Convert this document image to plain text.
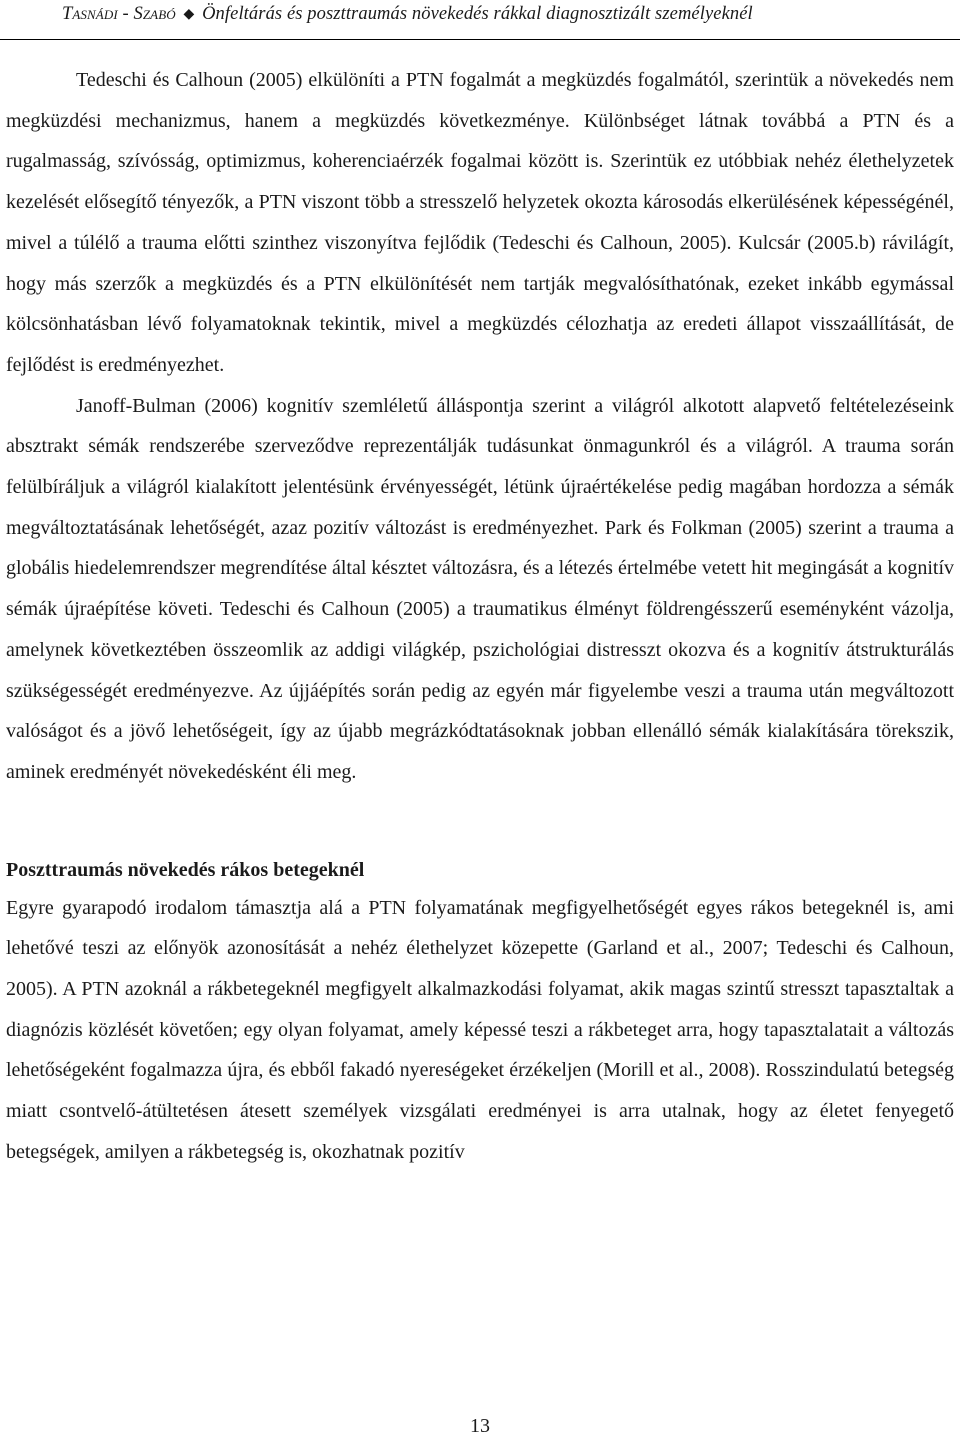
Tasnádi - Szabó ◆ Önfeltárás és poszttraumás növekedés rákkal diagnosztizált személyeknél

Tedeschi és Calhoun (2005) elkülöníti a PTN fogalmát a megküzdés fogalmától, szerintük a növekedés nem megküzdési mechanizmus, hanem a megküzdés következménye. Különbséget látnak továbbá a PTN és a rugalmasság, szívósság, optimizmus, koherenciaérzék fogalmai között is. Szerintük ez utóbbiak nehéz élethelyzetek kezelését elősegítő tényezők, a PTN viszont több a stresszelő helyzetek okozta károsodás elkerülésének képességénél, mivel a túlélő a trauma előtti szinthez viszonyítva fejlődik (Tedeschi és Calhoun, 2005). Kulcsár (2005.b) rávilágít, hogy más szerzők a megküzdés és a PTN elkülönítését nem tartják megvalósíthatónak, ezeket inkább egymással kölcsönhatásban lévő folyamatoknak tekintik, mivel a megküzdés célozhatja az eredeti állapot visszaállítását, de fejlődést is eredményezhet.

Janoff-Bulman (2006) kognitív szemléletű álláspontja szerint a világról alkotott alapvető feltételezéseink absztrakt sémák rendszerébe szerveződve reprezentálják tudásunkat önmagunkról és a világról. A trauma során felülbíráljuk a világról kialakított jelentésünk érvényességét, létünk újraértékelése pedig magában hordozza a sémák megváltoztatásának lehetőségét, azaz pozitív változást is eredményezhet. Park és Folkman (2005) szerint a trauma a globális hiedelemrendszer megrendítése által késztet változásra, és a létezés értelmébe vetett hit megingását a kognitív sémák újraépítése követi. Tedeschi és Calhoun (2005) a traumatikus élményt földrengésszerű eseményként vázolja, amelynek következtében összeomlik az addigi világkép, pszichológiai distresszt okozva és a kognitív átstrukturálás szükségességét eredményezve. Az újjáépítés során pedig az egyén már figyelembe veszi a trauma után megváltozott valóságot és a jövő lehetőségeit, így az újabb megrázkódtatásoknak jobban ellenálló sémák kialakítására törekszik, aminek eredményét növekedésként éli meg.

Poszttraumás növekedés rákos betegeknél

Egyre gyarapodó irodalom támasztja alá a PTN folyamatának megfigyelhetőségét egyes rákos betegeknél is, ami lehetővé teszi az előnyök azonosítását a nehéz élethelyzet közepette (Garland et al., 2007; Tedeschi és Calhoun, 2005). A PTN azoknál a rákbetegeknél megfigyelt alkalmazkodási folyamat, akik magas szintű stresszt tapasztaltak a diagnózis közlését követően; egy olyan folyamat, amely képessé teszi a rákbeteget arra, hogy tapasztalatait a változás lehetőségeként fogalmazza újra, és ebből fakadó nyereségeket érzékeljen (Morill et al., 2008). Rosszindulatú betegség miatt csontvelő-átültetésen átesett személyek vizsgálati eredményei is arra utalnak, hogy az életet fenyegető betegségek, amilyen a rákbetegség is, okozhatnak pozitív

13
